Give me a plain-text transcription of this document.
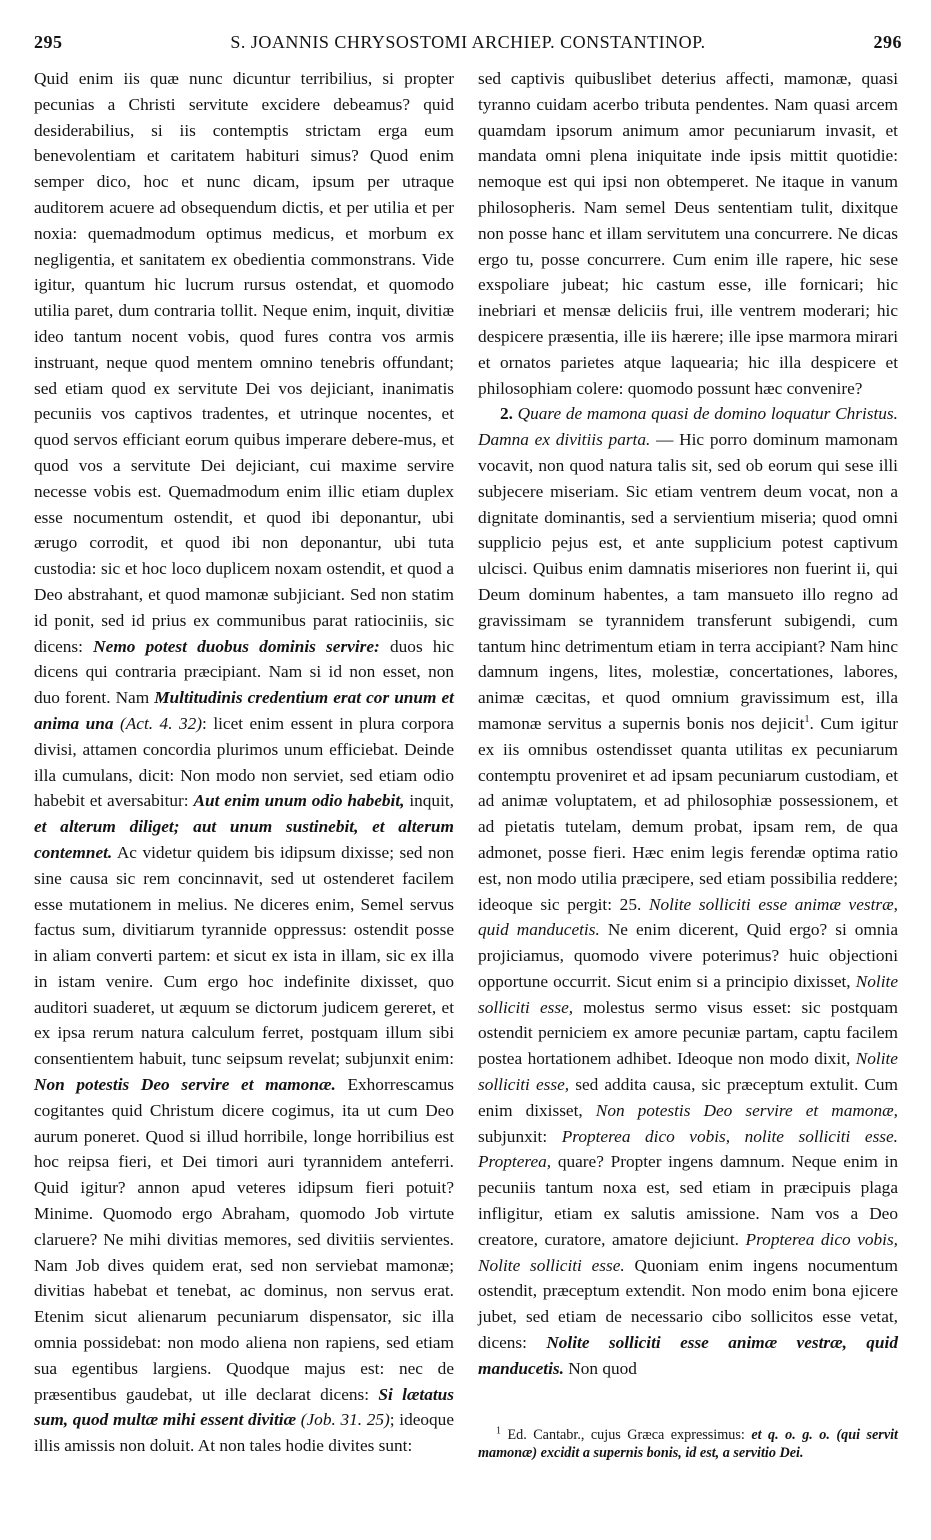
295	S. JOANNIS CHRYSOSTOMI ARCHIEP. CONSTANTINOP.	296

Quid enim iis quæ nunc dicuntur terribilius, si propter pecunias a Christi servitute excidere debeamus? quid desiderabilius, si iis contemptis strictam erga eum benevolentiam et caritatem habituri simus? Quod enim semper dico, hoc et nunc dicam, ipsum per utraque auditorem acuere ad obsequendum dictis, et per utilia et per noxia: quemadmodum optimus medicus, et morbum ex negligentia, et sanitatem ex obedientia commonstrans. Vide igitur, quantum hic lucrum rursus ostendat, et quomodo utilia paret, dum contraria tollit. Neque enim, inquit, divitiæ ideo tantum nocent vobis, quod fures contra vos armis instruant, neque quod mentem omnino tenebris offundant; sed etiam quod ex servitute Dei vos dejiciant, inanimatis pecuniis vos captivos tradentes, et utrinque nocentes, et quod servos efficiant eorum quibus imperare debere-mus, et quod vos a servitute Dei dejiciant, cui maxime servire necesse vobis est. Quemadmodum enim illic etiam duplex esse nocumentum ostendit, et quod ibi deponantur, ubi ærugo corrodit, et quod ibi non deponantur, ubi tuta custodia: sic et hoc loco duplicem noxam ostendit, et quod a Deo abstrahant, et quod mamonæ subjiciant. Sed non statim id ponit, sed id prius ex communibus parat ratiociniis, sic dicens: Nemo potest duobus dominis servire: duos hic dicens qui contraria præcipiant. Nam si id non esset, non duo forent. Nam Multitudinis credentium erat cor unum et anima una (Act. 4. 32): licet enim essent in plura corpora divisi, attamen concordia plurimos unum efficiebat. Deinde illa cumulans, dicit: Non modo non serviet, sed etiam odio habebit et aversabitur: Aut enim unum odio habebit, inquit, et alterum diliget; aut unum sustinebit, et alterum contemnet. Ac videtur quidem bis idipsum dixisse; sed non sine causa sic rem concinnavit, sed ut ostenderet facilem esse mutationem in melius. Ne diceres enim, Semel servus factus sum, divitiarum tyrannide oppressus: ostendit posse in aliam converti partem: et sicut ex ista in illam, sic ex illa in istam venire. Cum ergo hoc indefinite dixisset, quo auditori suaderet, ut æquum se dictorum judicem gereret, et ex ipsa rerum natura calculum ferret, postquam illum sibi consentientem habuit, tunc seipsum revelat; subjunxit enim: Non potestis Deo servire et mamonæ. Exhorrescamus cogitantes quid Christum dicere cogimus, ita ut cum Deo aurum poneret. Quod si illud horribile, longe horribilius est hoc reipsa fieri, et Dei timori auri tyrannidem anteferri. Quid igitur? annon apud veteres idipsum fieri potuit? Minime. Quomodo ergo Abraham, quomodo Job virtute claruere? Ne mihi divitias memores, sed divitiis servientes. Nam Job dives quidem erat, sed non serviebat mamonæ; divitias habebat et tenebat, ac dominus, non servus erat. Etenim sicut alienarum pecuniarum dispensator, sic illa omnia possidebat: non modo aliena non rapiens, sed etiam sua egentibus largiens. Quodque majus est: nec de præsentibus gaudebat, ut ille declarat dicens: Si lætatus sum, quod multæ mihi essent divitiæ (Job. 31. 25); ideoque illis amissis non doluit. At non tales hodie divites sunt:

sed captivis quibuslibet deterius affecti, mamonæ, quasi tyranno cuidam acerbo tributa pendentes. Nam quasi arcem quamdam ipsorum animum amor pecuniarum invasit, et mandata omni plena iniquitate inde ipsis mittit quotidie: nemoque est qui ipsi non obtemperet. Ne itaque in vanum philosopheris. Nam semel Deus sententiam tulit, dixitque non posse hanc et illam servitutem una concurrere. Ne dicas ergo tu, posse concurrere. Cum enim ille rapere, hic sese exspoliare jubeat; hic castum esse, ille fornicari; hic inebriari et mensæ deliciis frui, ille ventrem moderari; hic despicere præsentia, ille iis hærere; ille ipse marmora mirari et ornatos parietes atque laquearia; hic illa despicere et philosophiam colere: quomodo possunt hæc convenire?

2. Quare de mamona quasi de domino loquatur Christus. Damna ex divitiis parta. — Hic porro dominum mamonam vocavit, non quod natura talis sit, sed ob eorum qui sese illi subjecere miseriam. Sic etiam ventrem deum vocat, non a dignitate dominantis, sed a servientium miseria; quod omni supplicio pejus est, et ante supplicium potest captivum ulcisci. Quibus enim damnatis miseriores non fuerint ii, qui Deum dominum habentes, a tam mansueto illo regno ad gravissimam se tyrannidem transferunt subigendi, cum tantum hinc detrimentum etiam in terra accipiant? Nam hinc damnum ingens, lites, molestiæ, concertationes, labores, animæ cæcitas, et quod omnium gravissimum est, illa mamonæ servitus a supernis bonis nos dejicit$^1$. Cum igitur ex iis omnibus ostendisset quanta utilitas ex pecuniarum contemptu proveniret et ad ipsam pecuniarum custodiam, et ad animæ voluptatem, et ad philosophiæ possessionem, et ad pietatis tutelam, demum probat, ipsam rem, de qua admonet, posse fieri. Hæc enim legis ferendæ optima ratio est, non modo utilia præcipere, sed etiam possibilia reddere; ideoque sic pergit: 25. Nolite solliciti esse animæ vestræ, quid manducetis. Ne enim dicerent, Quid ergo? si omnia projiciamus, quomodo vivere poterimus? huic objectioni opportune occurrit. Sicut enim si a principio dixisset, Nolite solliciti esse, molestus sermo visus esset: sic postquam ostendit perniciem ex amore pecuniæ partam, captu facilem postea hortationem adhibet. Ideoque non modo dixit, Nolite solliciti esse, sed addita causa, sic præceptum extulit. Cum enim dixisset, Non potestis Deo servire et mamonæ, subjunxit: Propterea dico vobis, nolite solliciti esse. Propterea, quare? Propter ingens damnum. Neque enim in pecuniis tantum noxa est, sed etiam in præcipuis plaga infligitur, etiam ex salutis amissione. Nam vos a Deo creatore, curatore, amatore dejiciunt. Propterea dico vobis, Nolite solliciti esse. Quoniam enim ingens nocumentum ostendit, præceptum extendit. Non modo enim bona ejicere jubet, sed etiam de necessario cibo sollicitos esse vetat, dicens: Nolite solliciti esse animæ vestræ, quid manducetis. Non quod

$^1$ Ed. Cantabr., cujus Græca expressimus: et q. o. g. o. (qui servit mamonæ) excidit a supernis bonis, id est, a servitio Dei.
